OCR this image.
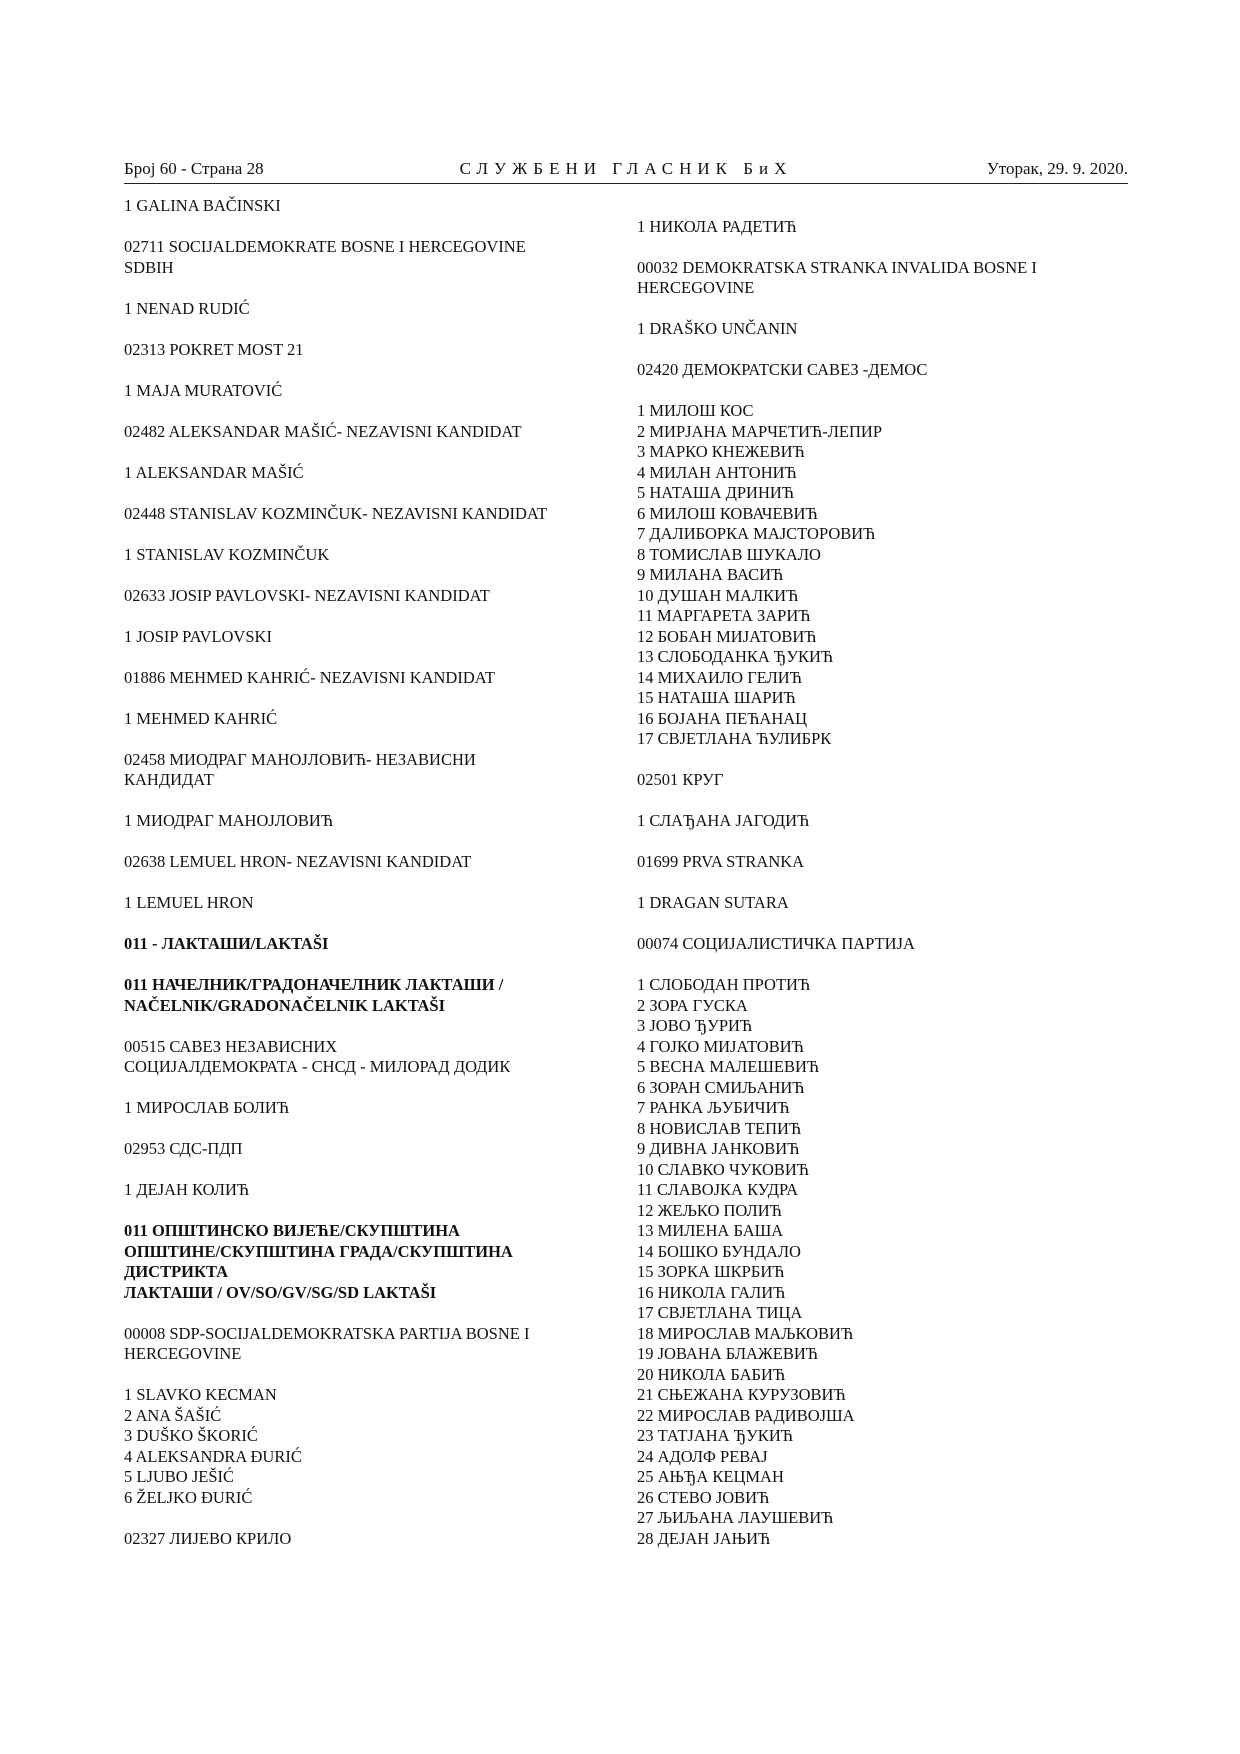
Број 60 - Страна 28	СЛУЖБЕНИ ГЛАСНИК БиХ	Уторак, 29. 9. 2020.
1 GALINA BAČINSKI
02711 SOCIJALDEMOKRATE BOSNE I HERCEGOVINE
SDBIH
1 NENAD RUDIĆ
02313 POKRET MOST 21
1 MAJA MURATOVIĆ
02482 ALEKSANDAR MAŠIĆ- NEZAVISNI KANDIDAT
1 ALEKSANDAR MAŠIĆ
02448 STANISLAV KOZMINČUK- NEZAVISNI KANDIDAT
1 STANISLAV KOZMINČUK
02633 JOSIP PAVLOVSKI- NEZAVISNI KANDIDAT
1 JOSIP PAVLOVSKI
01886 MEHMED KAHRIĆ- NEZAVISNI KANDIDAT
1 MEHMED KAHRIĆ
02458 МИОДРАГ МАНОЈЛОВИЋ- НЕЗАВИСНИ
КАНДИДАТ
1 МИОДРАГ МАНОЈЛОВИЋ
02638 LEMUEL HRON- NEZAVISNI KANDIDAT
1 LEMUEL HRON
011 - ЛАКТАШИ/LAKTAŠI
011 НАЧЕЛНИК/ГРАДОНАЧЕЛНИК ЛАКТАШИ /
NAČELNIK/GRADONAČELNIK LAKTAŠI
00515 САВЕЗ НЕЗАВИСНИХ
СОЦИЈАЛДЕМОКРАТА - СНСД - МИЛОРАД ДОДИК
1 МИРОСЛАВ БОЛИЋ
02953 СДС-ПДП
1 ДЕЈАН КОЛИЋ
011 ОПШТИНСКО ВИЈЕЋЕ/СКУПШТИНА
ОПШТИНЕ/СКУПШТИНА ГРАДА/СКУПШТИНА
ДИСТРИКТА
ЛАКТАШИ / OV/SO/GV/SG/SD LAKTAŠI
00008 SDP-SOCIJALDEMOKRATSKA PARTIJA BOSNE I
HERCEGOVINE
1 SLAVKO KECMAN
2 ANA ŠAŠIĆ
3 DUŠKO ŠKORIĆ
4 ALEKSANDRA ĐURIĆ
5 LJUBO JEŠIĆ
6 ŽELJKO ĐURIĆ
02327 ЛИЈЕВО КРИЛО
1 НИКОЛА РАДЕТИЋ
00032 DEMOKRATSKA STRANKA INVALIDA BOSNE I
HERCEGOVINE
1 DRAŠKO UNČANIN
02420 ДЕМОКРАТСКИ САВЕЗ -ДЕМОС
1 МИЛОШ КОС
2 МИРЈАНА МАРЧЕТИЋ-ЛЕПИР
3 МАРКО КНЕЖЕВИЋ
4 МИЛАН АНТОНИЋ
5 НАТАША ДРИНИЋ
6 МИЛОШ КОВАЧЕВИЋ
7 ДАЛИБОРКА МАЈСТОРОВИЋ
8 ТОМИСЛАВ ШУКАЛО
9 МИЛАНА ВАСИЋ
10 ДУШАН МАЛКИЋ
11 МАРГАРЕТА ЗАРИЋ
12 БОБАН МИЈАТОВИЋ
13 СЛОБОДАНКА ЂУКИЋ
14 МИХАИЛО ГЕЛИЋ
15 НАТАША ШАРИЋ
16 БОЈАНА ПЕЋАНАЦ
17 СВЈЕТЛАНА ЋУЛИБРК
02501 КРУГ
1 СЛАЂАНА ЈАГОДИЋ
01699 PRVA STRANKA
1 DRAGAN SUTARA
00074 СОЦИЈАЛИСТИЧКА ПАРТИЈА
1 СЛОБОДАН ПРОТИЋ
2 ЗОРА ГУСКА
3 ЈОВО ЂУРИЋ
4 ГОЈКО МИЈАТОВИЋ
5 ВЕСНА МАЛЕШЕВИЋ
6 ЗОРАН СМИЉАНИЋ
7 РАНКА ЉУБИЧИЋ
8 НОВИСЛАВ ТЕПИЋ
9 ДИВНА ЈАНКОВИЋ
10 СЛАВКО ЧУКОВИЋ
11 СЛАВОЈКА КУДРА
12 ЖЕЉКО ПОЛИЋ
13 МИЛЕНА БАША
14 БОШКО БУНДАЛО
15 ЗОРКА ШКРБИЋ
16 НИКОЛА ГАЛИЋ
17 СВЈЕТЛАНА ТИЦА
18 МИРОСЛАВ МАЉКОВИЋ
19 ЈОВАНА БЛАЖЕВИЋ
20 НИКОЛА БАБИЋ
21 СЊЕЖАНА КУРУЗОВИЋ
22 МИРОСЛАВ РАДИВОЈША
23 ТАТЈАНА ЂУКИЋ
24 АДОЛФ РЕВАЈ
25 АЊЂА КЕЦМАН
26 СТЕВО ЈОВИЋ
27 ЉИЉАНА ЛАУШЕВИЋ
28 ДЕЈАН ЈАЊИЋ
